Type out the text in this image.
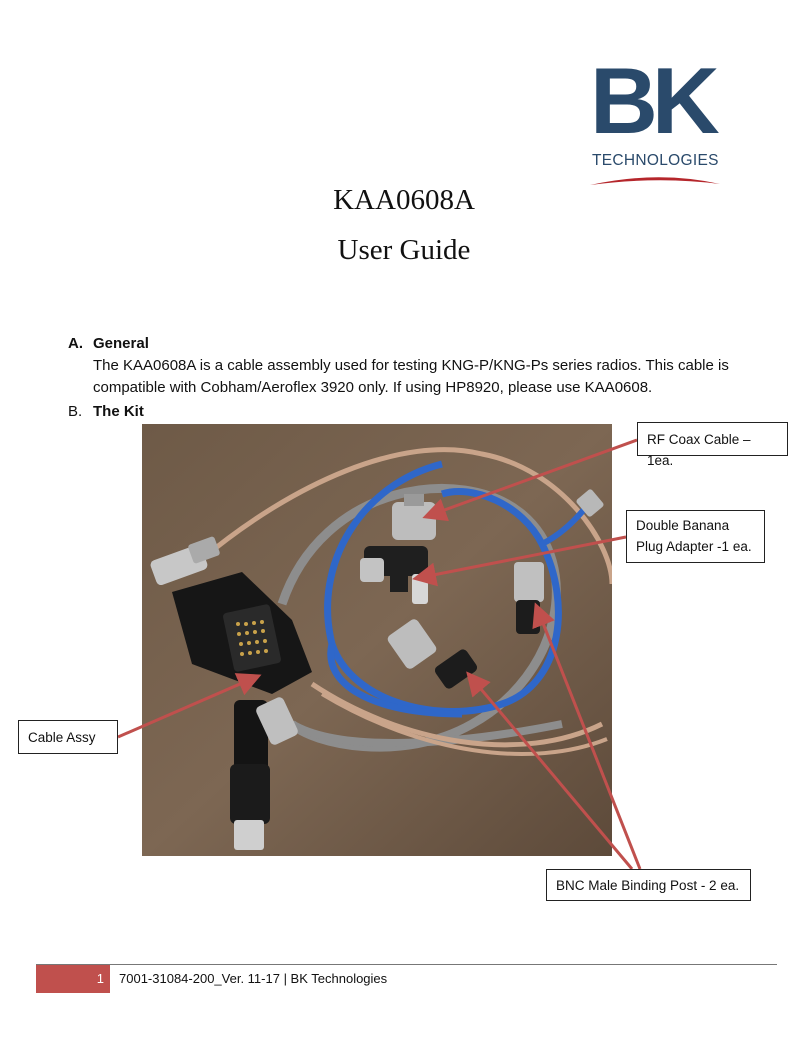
BK
TECHNOLOGIES
KAA0608A
User Guide
A. General
The KAA0608A is a cable assembly used for testing KNG-P/KNG-Ps series radios. This cable is compatible with Cobham/Aeroflex 3920 only. If using HP8920, please use KAA0608.
B. The Kit
RF Coax Cable – 1ea.
Double Banana
Plug Adapter -1 ea.
Cable Assy
BNC Male Binding Post - 2 ea.
1	7001-31084-200_Ver. 11-17 | BK Technologies
